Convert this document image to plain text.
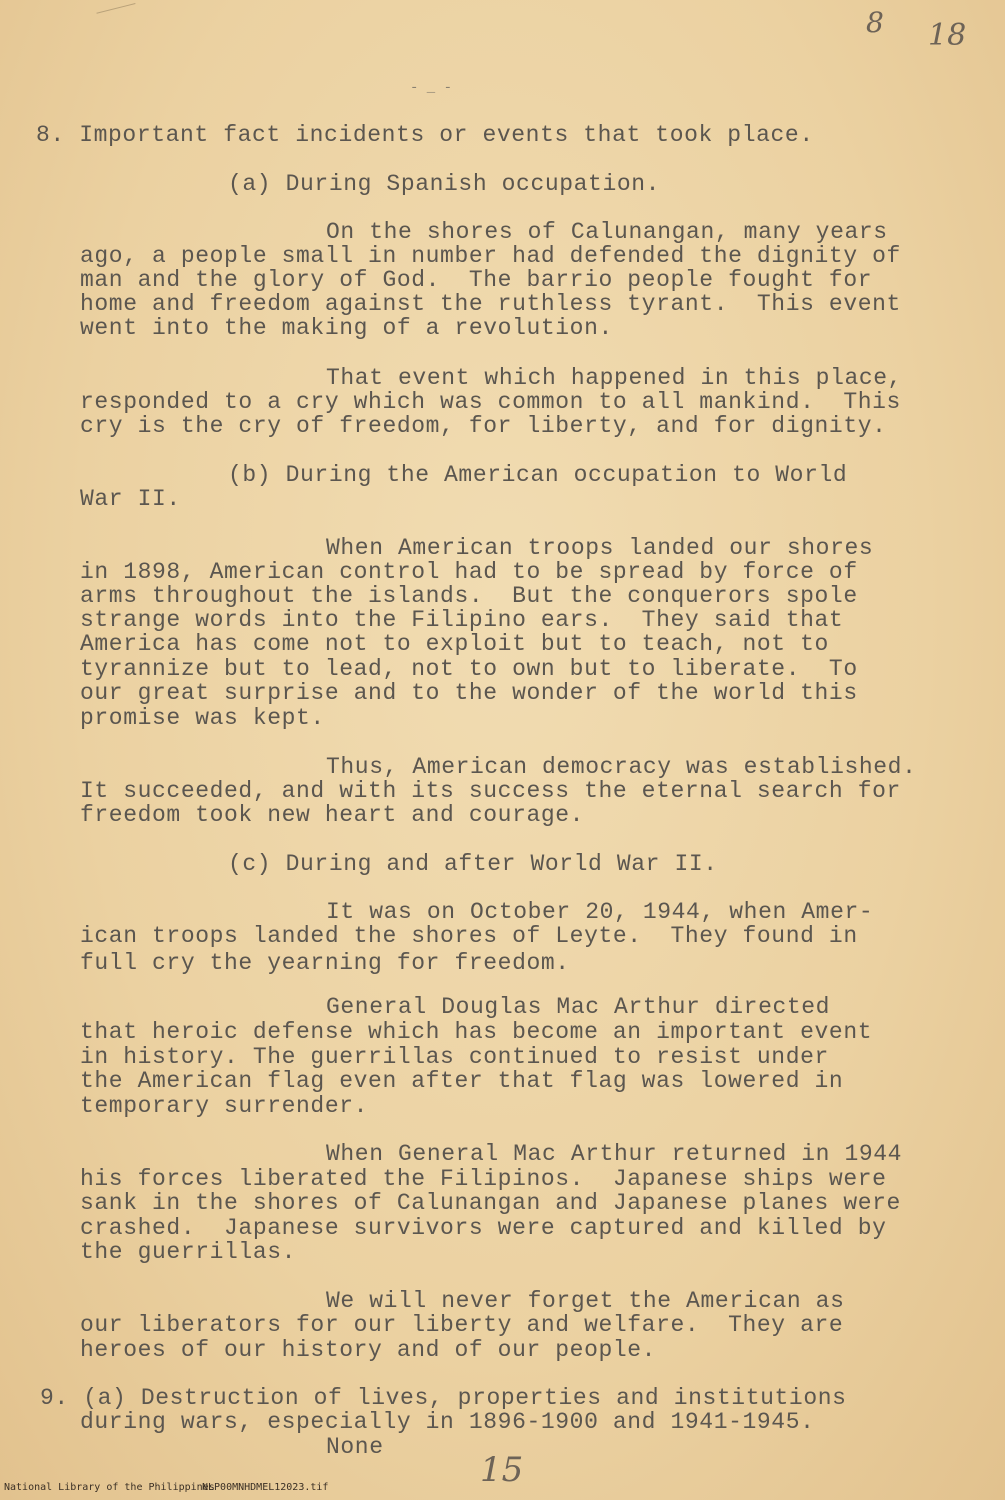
8 18
- _ -
8. Important fact incidents or events that took place.
(a) During Spanish occupation.
On the shores of Calunangan, many years
ago, a people small in number had defended the dignity of
man and the glory of God.  The barrio people fought for
home and freedom against the ruthless tyrant.  This event
went into the making of a revolution.
That event which happened in this place,
responded to a cry which was common to all mankind.  This
cry is the cry of freedom, for liberty, and for dignity.
(b) During the American occupation to World
War II.
When American troops landed our shores
in 1898, American control had to be spread by force of
arms throughout the islands.  But the conquerors spole
strange words into the Filipino ears.  They said that
America has come not to exploit but to teach, not to
tyrannize but to lead, not to own but to liberate.  To
our great surprise and to the wonder of the world this
promise was kept.
Thus, American democracy was established.
It succeeded, and with its success the eternal search for
freedom took new heart and courage.
(c) During and after World War II.
It was on October 20, 1944, when Amer-
ican troops landed the shores of Leyte.  They found in
full cry the yearning for freedom.
General Douglas Mac Arthur directed
that heroic defense which has become an important event
in history. The guerrillas continued to resist under
the American flag even after that flag was lowered in
temporary surrender.
When General Mac Arthur returned in 1944
his forces liberated the Filipinos.  Japanese ships were
sank in the shores of Calunangan and Japanese planes were
crashed.  Japanese survivors were captured and killed by
the guerrillas.
We will never forget the American as
our liberators for our liberty and welfare.  They are
heroes of our history and of our people.
9. (a) Destruction of lives, properties and institutions
during wars, especially in 1896-1900 and 1941-1945.
None
15
National Library of the Philippines
NLP00MNHDMEL12023.tif
